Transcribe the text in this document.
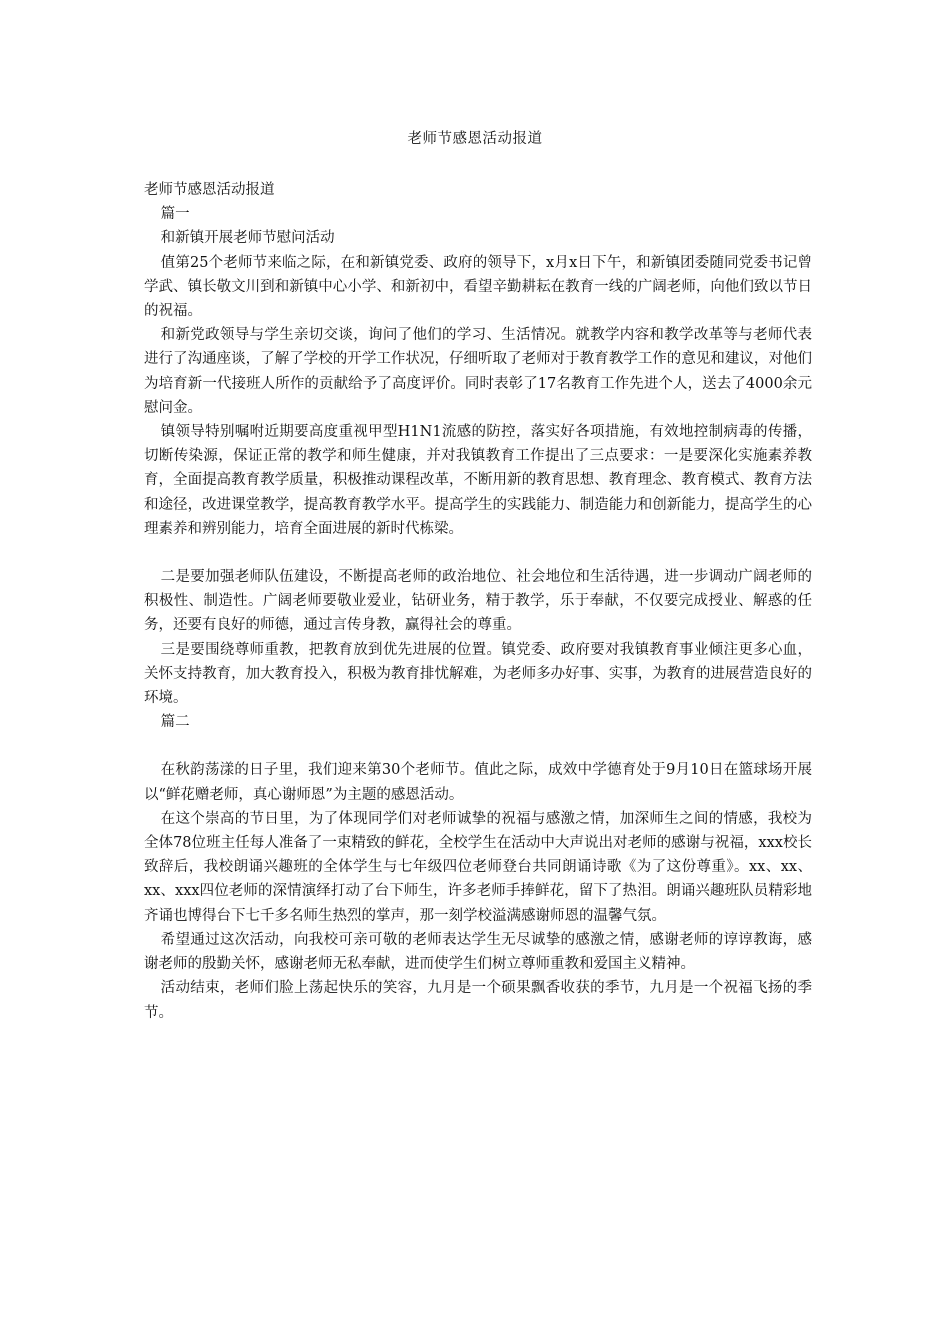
老师节感恩活动报道

老师节感恩活动报道

篇一

和新镇开展老师节慰问活动

值第25个老师节来临之际，在和新镇党委、政府的领导下，x月x日下午，和新镇团委随同党委书记曾学武、镇长敬文川到和新镇中心小学、和新初中，看望辛勤耕耘在教育一线的广阔老师，向他们致以节日的祝福。

和新党政领导与学生亲切交谈，询问了他们的学习、生活情况。就教学内容和教学改革等与老师代表进行了沟通座谈，了解了学校的开学工作状况，仔细听取了老师对于教育教学工作的意见和建议，对他们为培育新一代接班人所作的贡献给予了高度评价。同时表彰了17名教育工作先进个人，送去了4000余元慰问金。

镇领导特别嘱咐近期要高度重视甲型H1N1流感的防控，落实好各项措施，有效地控制病毒的传播，切断传染源，保证正常的教学和师生健康，并对我镇教育工作提出了三点要求：一是要深化实施素养教育，全面提高教育教学质量，积极推动课程改革，不断用新的教育思想、教育理念、教育模式、教育方法和途径，改进课堂教学，提高教育教学水平。提高学生的实践能力、制造能力和创新能力，提高学生的心理素养和辨别能力，培育全面进展的新时代栋梁。

二是要加强老师队伍建设，不断提高老师的政治地位、社会地位和生活待遇，进一步调动广阔老师的积极性、制造性。广阔老师要敬业爱业，钻研业务，精于教学，乐于奉献，不仅要完成授业、解惑的任务，还要有良好的师德，通过言传身教，赢得社会的尊重。

三是要围绕尊师重教，把教育放到优先进展的位置。镇党委、政府要对我镇教育事业倾注更多心血，关怀支持教育，加大教育投入，积极为教育排忧解难，为老师多办好事、实事，为教育的进展营造良好的环境。

篇二

在秋韵荡漾的日子里，我们迎来第30个老师节。值此之际，成效中学德育处于9月10日在篮球场开展以“鲜花赠老师，真心谢师恩”为主题的感恩活动。

在这个崇高的节日里，为了体现同学们对老师诚挚的祝福与感激之情，加深师生之间的情感，我校为全体78位班主任每人准备了一束精致的鲜花，全校学生在活动中大声说出对老师的感谢与祝福，xxx校长致辞后，我校朗诵兴趣班的全体学生与七年级四位老师登台共同朗诵诗歌《为了这份尊重》。xx、xx、xx、xxx四位老师的深情演绎打动了台下师生，许多老师手捧鲜花，留下了热泪。朗诵兴趣班队员精彩地齐诵也博得台下七千多名师生热烈的掌声，那一刻学校溢满感谢师恩的温馨气氛。

希望通过这次活动，向我校可亲可敬的老师表达学生无尽诚挚的感激之情，感谢老师的谆谆教诲，感谢老师的殷勤关怀，感谢老师无私奉献，进而使学生们树立尊师重教和爱国主义精神。

活动结束，老师们脸上荡起快乐的笑容，九月是一个硕果飘香收获的季节，九月是一个祝福飞扬的季节。
